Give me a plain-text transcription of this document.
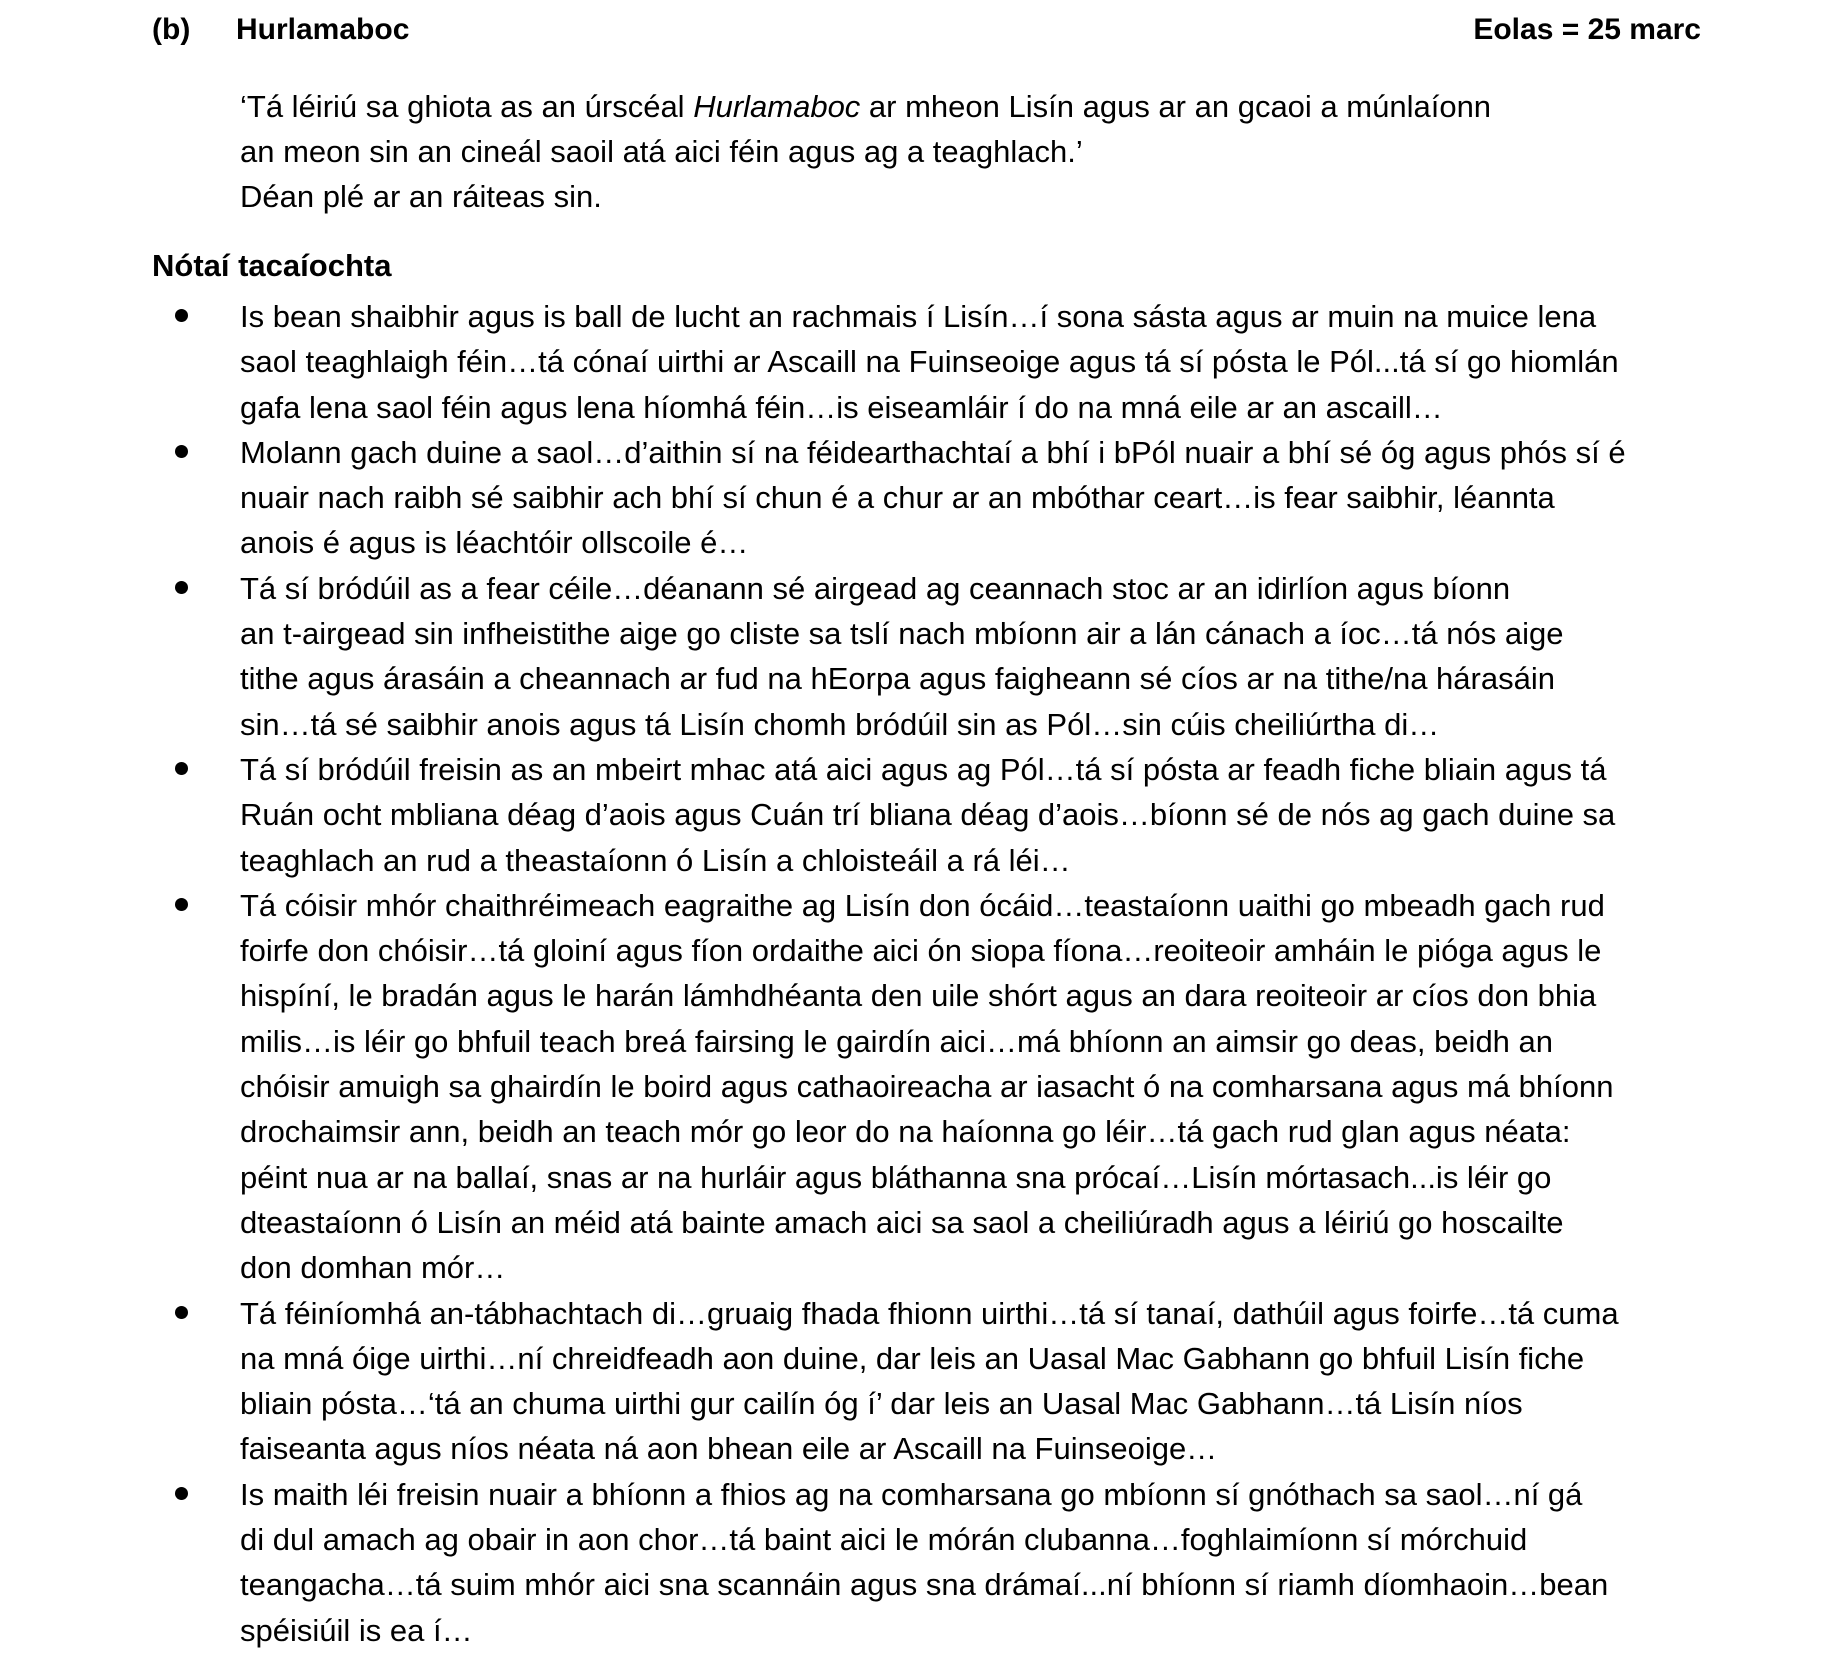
(b) Hurlamaboc	Eolas = 25 marc
‘Tá léiriú sa ghiota as an úrscéal Hurlamaboc ar mheon Lisín agus ar an gcaoi a múnlaíonn
an meon sin an cineál saoil atá aici féin agus ag a teaghlach.’
Déan plé ar an ráiteas sin.
Nótaí tacaíochta
Is bean shaibhir agus is ball de lucht an rachmais í Lisín…í sona sásta agus ar muin na muice lena
saol teaghlaigh féin…tá cónaí uirthi ar Ascaill na Fuinseoige agus tá sí pósta le Pól...tá sí go hiomlán
gafa lena saol féin agus lena híomhá féin…is eiseamláir í do na mná eile ar an ascaill…
Molann gach duine a saol…d’aithin sí na féidearthachtaí a bhí i bPól nuair a bhí sé óg agus phós sí é
nuair nach raibh sé saibhir ach bhí sí chun é a chur ar an mbóthar ceart…is fear saibhir, léannta
anois é agus is léachtóir ollscoile é…
Tá sí bródúil as a fear céile…déanann sé airgead ag ceannach stoc ar an idirlíon agus bíonn
an t-airgead sin infheistithe aige go cliste sa tslí nach mbíonn air a lán cánach a íoc…tá nós aige
tithe agus árasáin a cheannach ar fud na hEorpa agus faigheann sé cíos ar na tithe/na hárasáin
sin…tá sé saibhir anois agus tá Lisín chomh bródúil sin as Pól…sin cúis cheiliúrtha di…
Tá sí bródúil freisin as an mbeirt mhac atá aici agus ag Pól…tá sí pósta ar feadh fiche bliain agus tá
Ruán ocht mbliana déag d’aois agus Cuán trí bliana déag d’aois…bíonn sé de nós ag gach duine sa
teaghlach an rud a theastaíonn ó Lisín a chloisteáil a rá léi…
Tá cóisir mhór chaithréimeach eagraithe ag Lisín don ócáid…teastaíonn uaithi go mbeadh gach rud
foirfe don chóisir…tá gloiní agus fíon ordaithe aici ón siopa fíona…reoiteoir amháin le pióga agus le
hispíní, le bradán agus le harán lámhdhéanta den uile shórt agus an dara reoiteoir ar cíos don bhia
milis…is léir go bhfuil teach breá fairsing le gairdín aici…má bhíonn an aimsir go deas, beidh an
chóisir amuigh sa ghairdín le boird agus cathaoireacha ar iasacht ó na comharsana agus má bhíonn
drochaimsir ann, beidh an teach mór go leor do na haíonna go léir…tá gach rud glan agus néata:
péint nua ar na ballaí, snas ar na hurláir agus bláthanna sna prócaí…Lisín mórtasach...is léir go
dteastaíonn ó Lisín an méid atá bainte amach aici sa saol a cheiliúradh agus a léiriú go hoscailte
don domhan mór…
Tá féiníomhá an-tábhachtach di…gruaig fhada fhionn uirthi…tá sí tanaí, dathúil agus foirfe…tá cuma
na mná óige uirthi…ní chreidfeadh aon duine, dar leis an Uasal Mac Gabhann go bhfuil Lisín fiche
bliain pósta…‘tá an chuma uirthi gur cailín óg í’ dar leis an Uasal Mac Gabhann…tá Lisín níos
faiseanta agus níos néata ná aon bhean eile ar Ascaill na Fuinseoige…
Is maith léi freisin nuair a bhíonn a fhios ag na comharsana go mbíonn sí gnóthach sa saol…ní gá
di dul amach ag obair in aon chor…tá baint aici le mórán clubanna…foghlaimíonn sí mórchuid
teangacha…tá suim mhór aici sna scannáin agus sna drámaí...ní bhíonn sí riamh díomhaoin…bean
spéisiúil is ea í…
